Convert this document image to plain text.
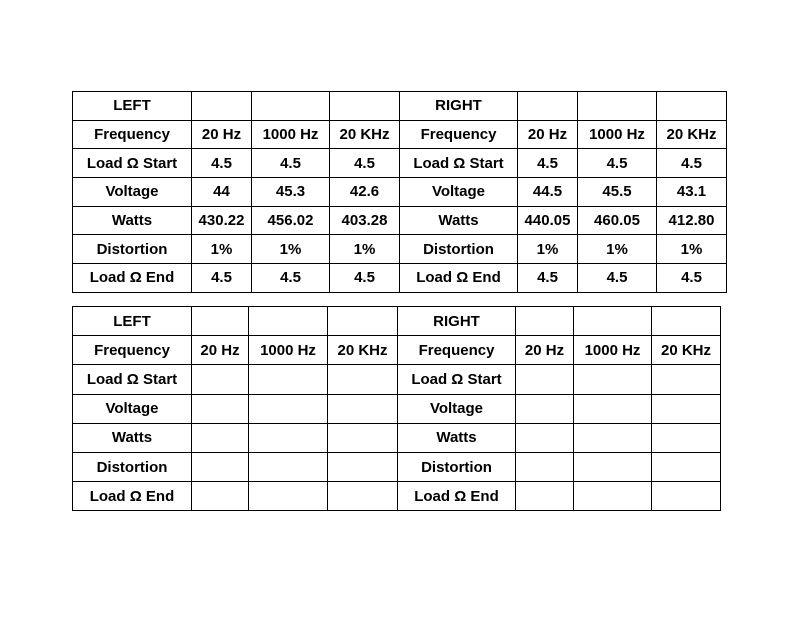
LEFT				RIGHT			
Frequency	20 Hz	1000 Hz	20 KHz	Frequency	20 Hz	1000 Hz	20 KHz
Load Ω Start	4.5	4.5	4.5	Load Ω Start	4.5	4.5	4.5
Voltage	44	45.3	42.6	Voltage	44.5	45.5	43.1
Watts	430.22	456.02	403.28	Watts	440.05	460.05	412.80
Distortion	1%	1%	1%	Distortion	1%	1%	1%
Load Ω End	4.5	4.5	4.5	Load Ω End	4.5	4.5	4.5
LEFT				RIGHT			
Frequency	20 Hz	1000 Hz	20 KHz	Frequency	20 Hz	1000 Hz	20 KHz
Load Ω Start				Load Ω Start			
Voltage				Voltage			
Watts				Watts			
Distortion				Distortion			
Load Ω End				Load Ω End			
